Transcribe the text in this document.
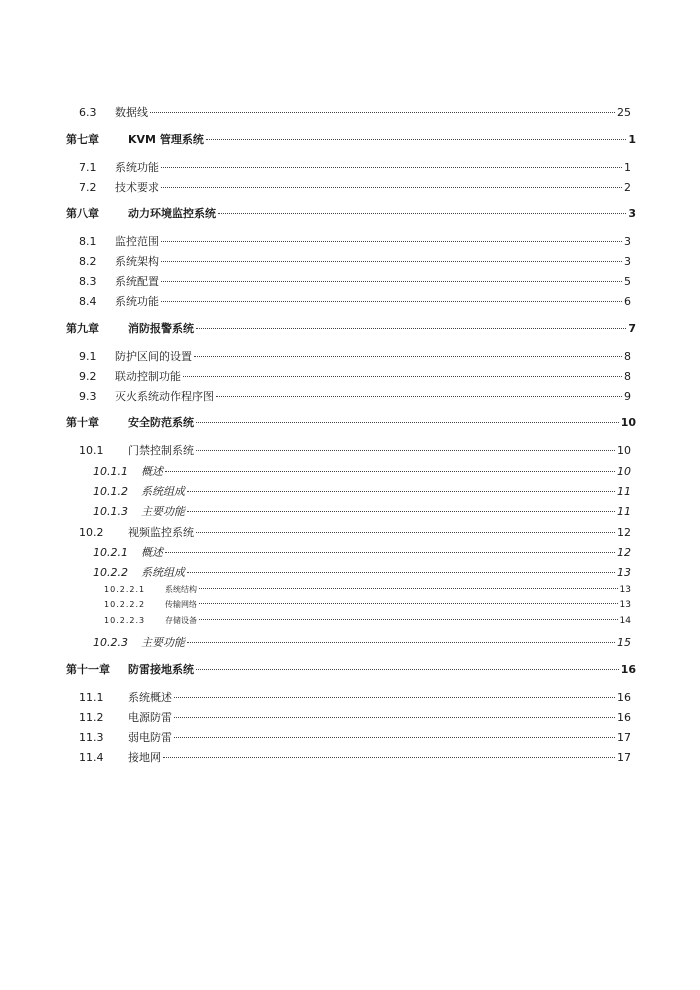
6.3	数据线	25
第七章	KVM 管理系统	1
7.1	系统功能	1
7.2	技术要求	2
第八章	动力环境监控系统	3
8.1	监控范围	3
8.2	系统架构	3
8.3	系统配置	5
8.4	系统功能	6
第九章	消防报警系统	7
9.1	防护区间的设置	8
9.2	联动控制功能	8
9.3	灭火系统动作程序图	9
第十章	安全防范系统	10
10.1	门禁控制系统	10
10.1.1	概述	10
10.1.2	系统组成	11
10.1.3	主要功能	11
10.2	视频监控系统	12
10.2.1	概述	12
10.2.2	系统组成	13
10.2.2.1	系统结构	13
10.2.2.2	传输网络	13
10.2.2.3	存储设备	14
10.2.3	主要功能	15
第十一章	防雷接地系统	16
11.1	系统概述	16
11.2	电源防雷	16
11.3	弱电防雷	17
11.4	接地网	17
